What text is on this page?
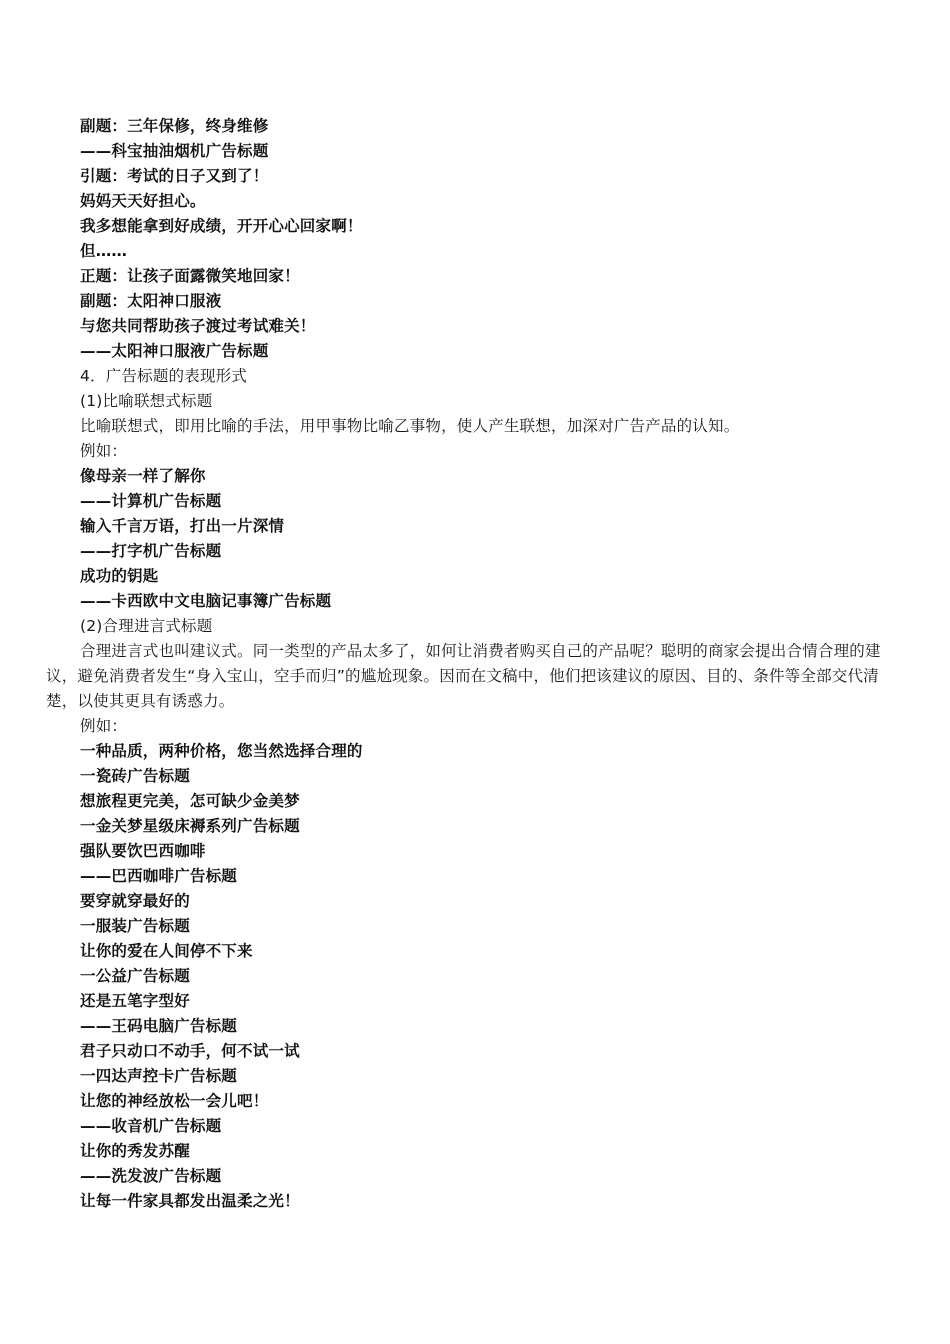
副题：三年保修，终身维修
——科宝抽油烟机广告标题
引题：考试的日子又到了！
妈妈天天好担心。
我多想能拿到好成绩，开开心心回家啊！
但……
正题：让孩子面露微笑地回家！
副题：太阳神口服液
与您共同帮助孩子渡过考试难关！
——太阳神口服液广告标题
4．广告标题的表现形式
(1)比喻联想式标题
比喻联想式，即用比喻的手法，用甲事物比喻乙事物，使人产生联想，加深对广告产品的认知。
例如：
像母亲一样了解你
——计算机广告标题
输入千言万语，打出一片深情
——打字机广告标题
成功的钥匙
——卡西欧中文电脑记事簿广告标题
(2)合理进言式标题
合理进言式也叫建议式。同一类型的产品太多了，如何让消费者购买自己的产品呢？聪明的商家会提出合情合理的建议，避免消费者发生“身入宝山，空手而归”的尴尬现象。因而在文稿中，他们把该建议的原因、目的、条件等全部交代清楚，以使其更具有诱惑力。
例如：
一种品质，两种价格，您当然选择合理的
一瓷砖广告标题
想旅程更完美，怎可缺少金美梦
一金关梦星级床褥系列广告标题
强队要饮巴西咖啡
——巴西咖啡广告标题
要穿就穿最好的
一服装广告标题
让你的爱在人间停不下来
一公益广告标题
还是五笔字型好
——王码电脑广告标题
君子只动口不动手，何不试一试
一四达声控卡广告标题
让您的神经放松一会儿吧！
——收音机广告标题
让你的秀发苏醒
——洗发波广告标题
让每一件家具都发出温柔之光！
